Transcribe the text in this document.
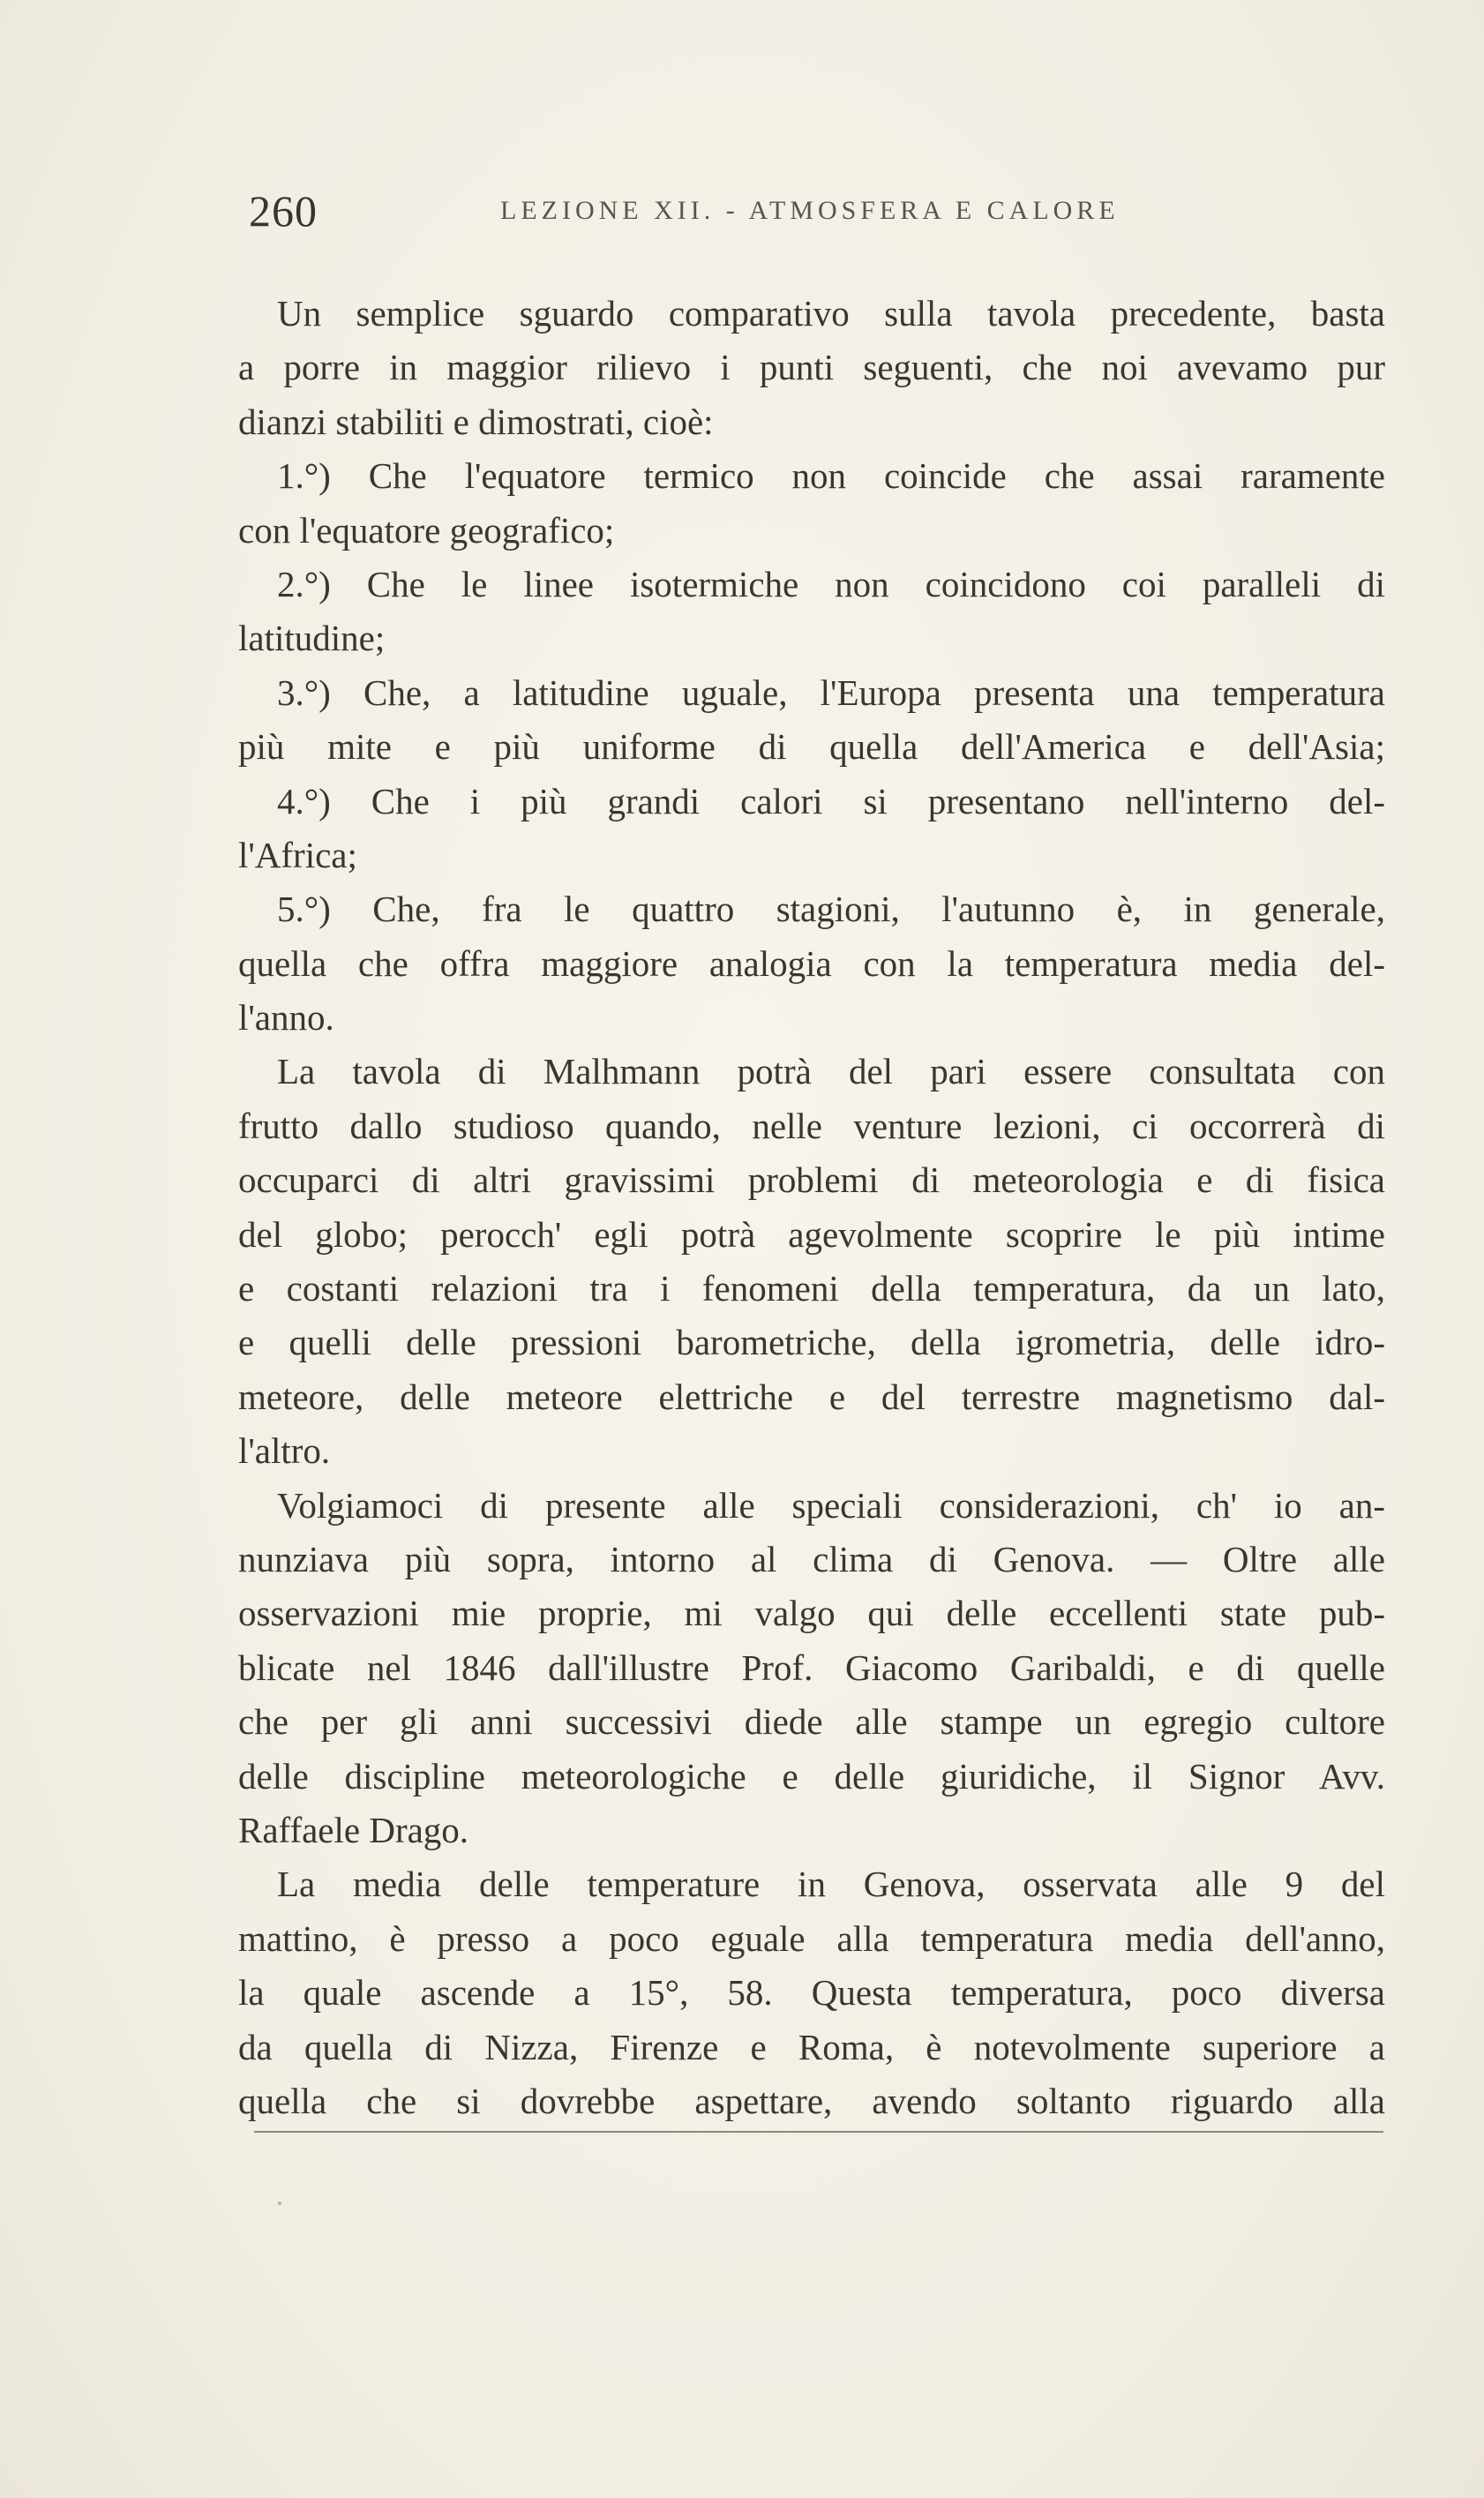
260	LEZIONE XII. - ATMOSFERA E CALORE
Un semplice sguardo comparativo sulla tavola precedente, basta
a porre in maggior rilievo i punti seguenti, che noi avevamo pur
dianzi stabiliti e dimostrati, cioè:
1.°) Che l'equatore termico non coincide che assai raramente
con l'equatore geografico;
2.°) Che le linee isotermiche non coincidono coi paralleli di
latitudine;
3.°) Che, a latitudine uguale, l'Europa presenta una temperatura
più mite e più uniforme di quella dell'America e dell'Asia;
4.°) Che i più grandi calori si presentano nell'interno del-
l'Africa;
5.°) Che, fra le quattro stagioni, l'autunno è, in generale,
quella che offra maggiore analogia con la temperatura media del-
l'anno.
La tavola di Malhmann potrà del pari essere consultata con
frutto dallo studioso quando, nelle venture lezioni, ci occorrerà di
occuparci di altri gravissimi problemi di meteorologia e di fisica
del globo; perocch' egli potrà agevolmente scoprire le più intime
e costanti relazioni tra i fenomeni della temperatura, da un lato,
e quelli delle pressioni barometriche, della igrometria, delle idro-
meteore, delle meteore elettriche e del terrestre magnetismo dal-
l'altro.
Volgiamoci di presente alle speciali considerazioni, ch' io an-
nunziava più sopra, intorno al clima di Genova. — Oltre alle
osservazioni mie proprie, mi valgo qui delle eccellenti state pub-
blicate nel 1846 dall'illustre Prof. Giacomo Garibaldi, e di quelle
che per gli anni successivi diede alle stampe un egregio cultore
delle discipline meteorologiche e delle giuridiche, il Signor Avv.
Raffaele Drago.
La media delle temperature in Genova, osservata alle 9 del
mattino, è presso a poco eguale alla temperatura media dell'anno,
la quale ascende a 15°, 58. Questa temperatura, poco diversa
da quella di Nizza, Firenze e Roma, è notevolmente superiore a
quella che si dovrebbe aspettare, avendo soltanto riguardo alla
